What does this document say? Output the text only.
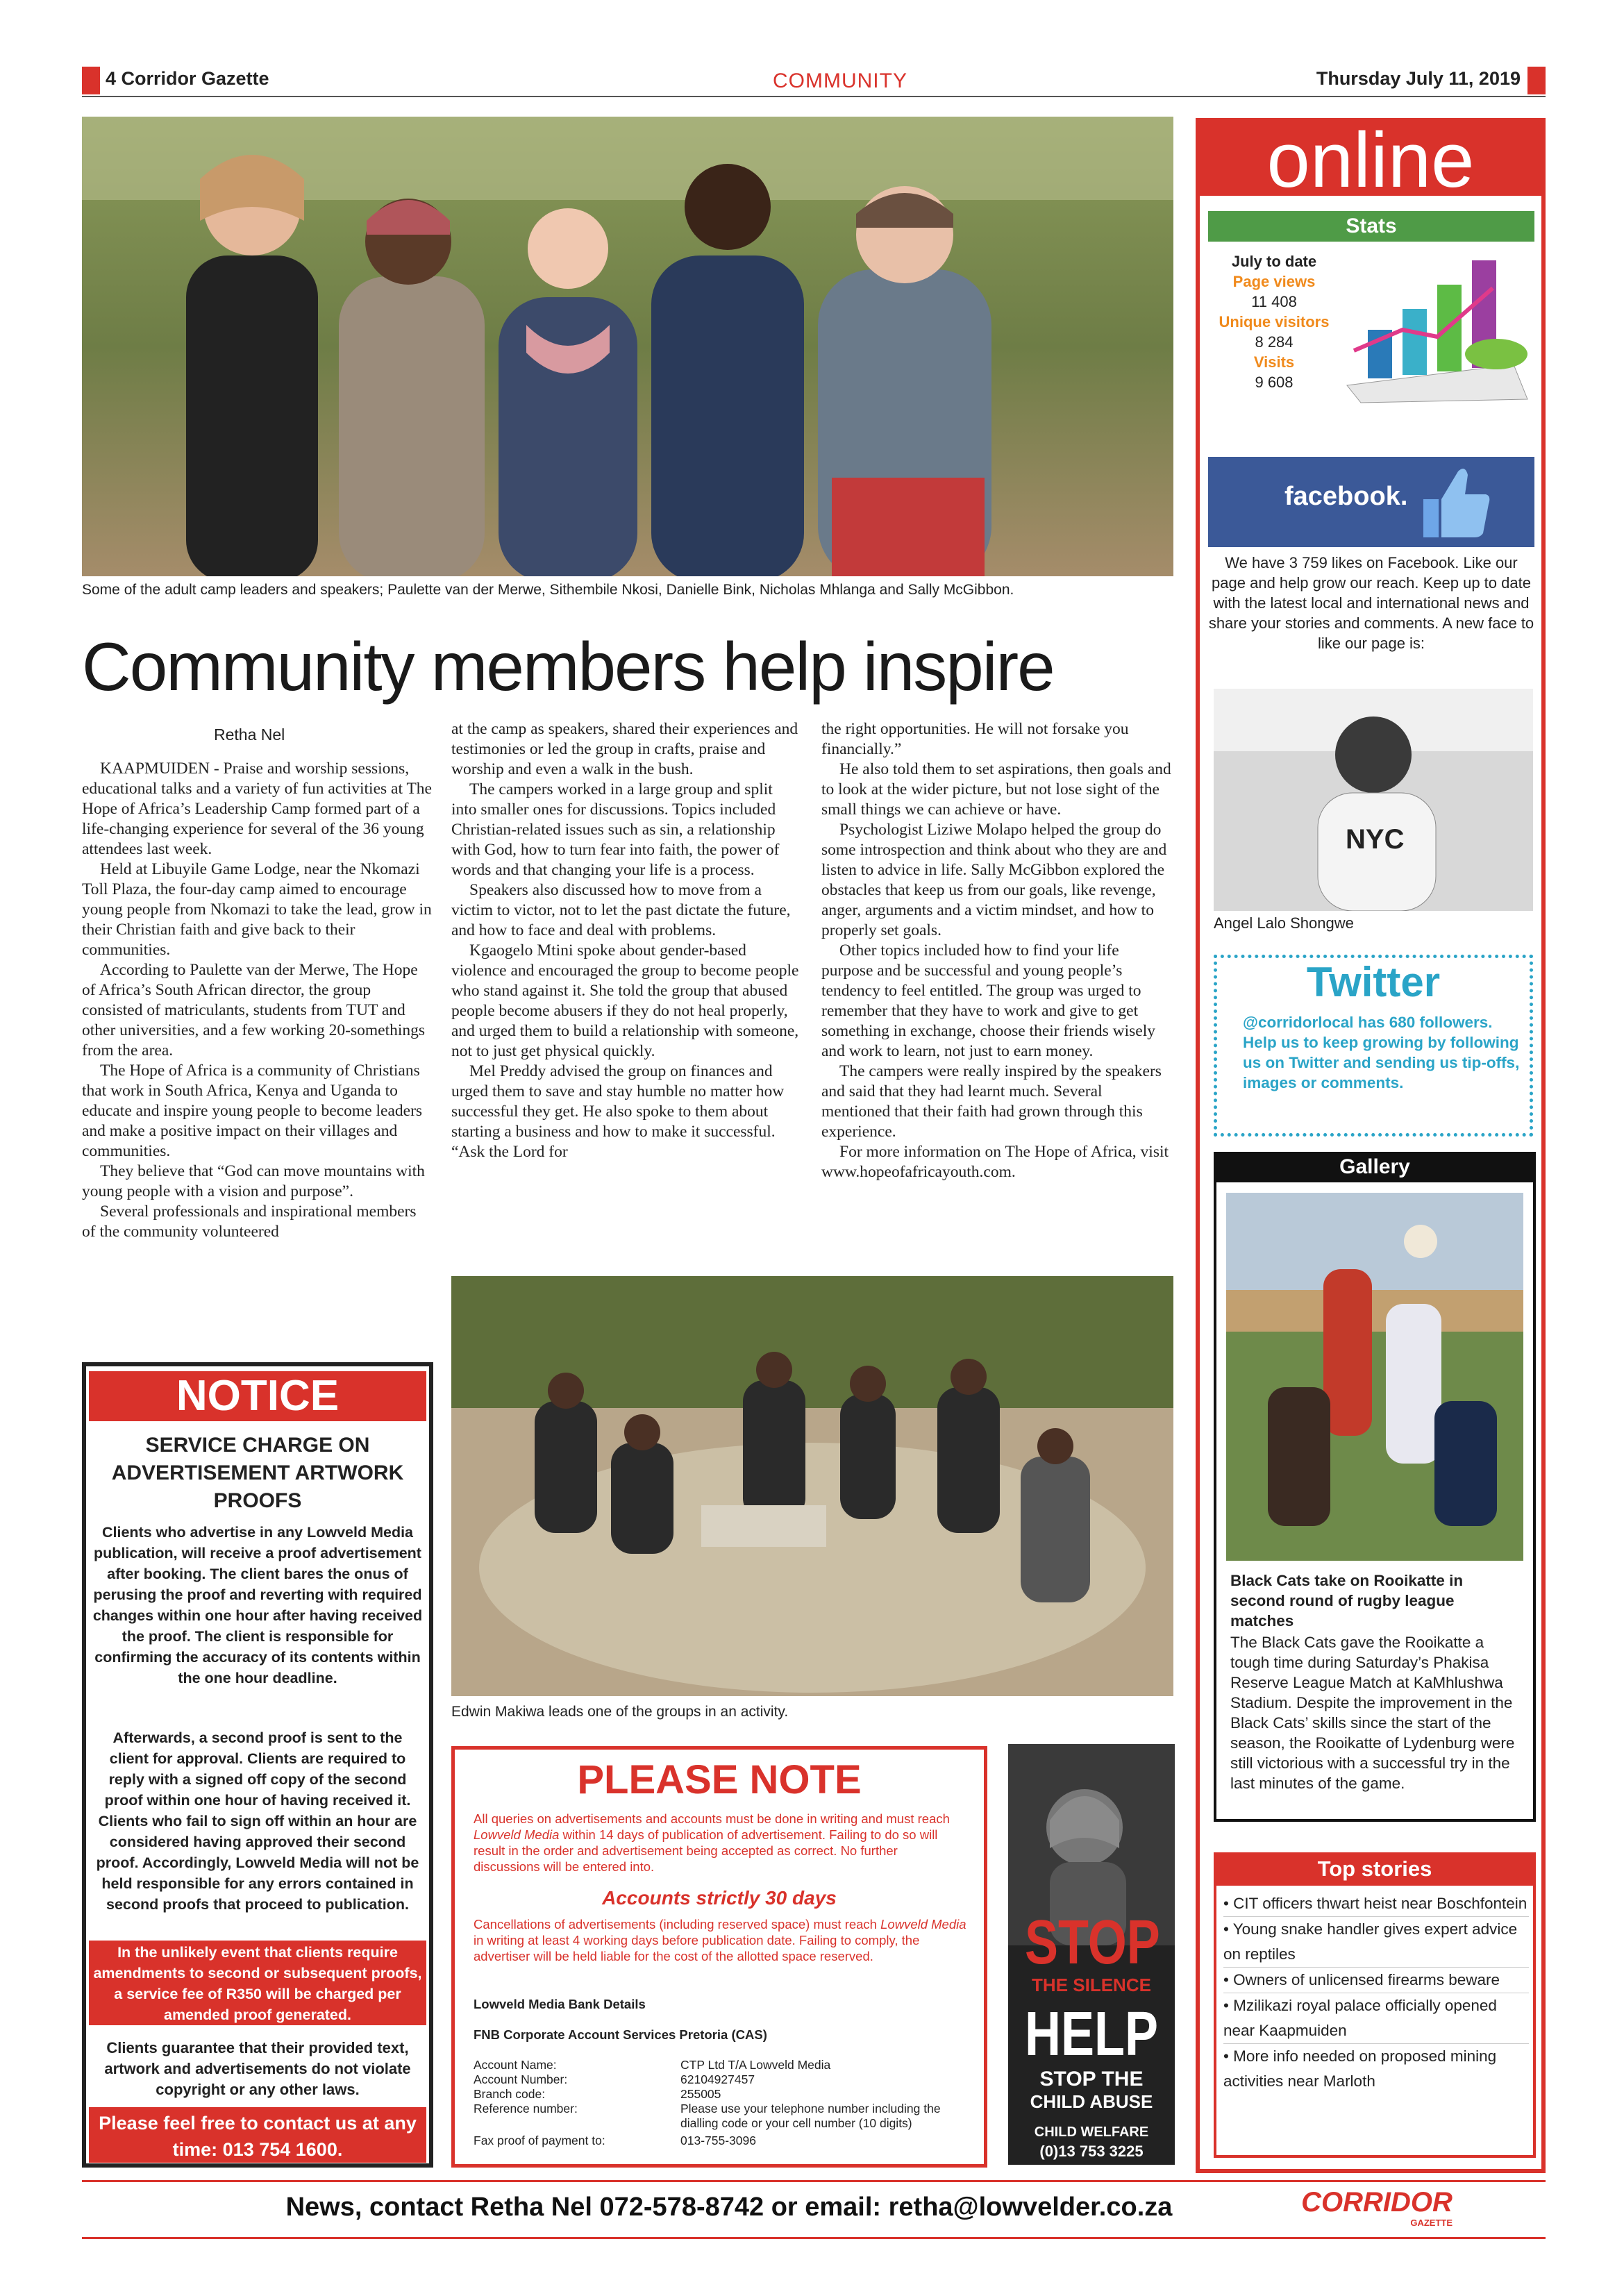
4 Corridor Gazette	COMMUNITY	Thursday July 11, 2019
Some of the adult camp leaders and speakers; Paulette van der Merwe, Sithembile Nkosi, Danielle Bink, Nicholas Mhlanga and Sally McGibbon.
Community members help inspire
Retha Nel

KAAPMUIDEN - Praise and worship sessions, educational talks and a variety of fun activities at The Hope of Africa’s Leadership Camp formed part of a life-changing experience for several of the 36 young attendees last week.

Held at Libuyile Game Lodge, near the Nkomazi Toll Plaza, the four-day camp aimed to encourage young people from Nkomazi to take the lead, grow in their Christian faith and give back to their communities.

According to Paulette van der Merwe, The Hope of Africa’s South African director, the group consisted of matriculants, students from TUT and other universities, and a few working 20-somethings from the area.

The Hope of Africa is a community of Christians that work in South Africa, Kenya and Uganda to educate and inspire young people to become leaders and make a positive impact on their villages and communities.

They believe that “God can move mountains with young people with a vision and purpose”.

Several professionals and inspirational members of the community volunteered

at the camp as speakers, shared their experiences and testimonies or led the group in crafts, praise and worship and even a walk in the bush.

The campers worked in a large group and split into smaller ones for discussions. Topics included Christian-related issues such as sin, a relationship with God, how to turn fear into faith, the power of words and that changing your life is a process.

Speakers also discussed how to move from a victim to victor, not to let the past dictate the future, and how to face and deal with problems.

Kgaogelo Mtini spoke about gender-based violence and encouraged the group to become people who stand against it. She told the group that abused people become abusers if they do not heal properly, and urged them to build a relationship with someone, not to just get physical quickly.

Mel Preddy advised the group on finances and urged them to save and stay humble no matter how successful they get. He also spoke to them about starting a business and how to make it successful. “Ask the Lord for

the right opportunities. He will not forsake you financially.”

He also told them to set aspirations, then goals and to look at the wider picture, but not lose sight of the small things we can achieve or have.

Psychologist Liziwe Molapo helped the group do some introspection and think about who they are and listen to advice in life. Sally McGibbon explored the obstacles that keep us from our goals, like revenge, anger, arguments and a victim mindset, and how to properly set goals.

Other topics included how to find your life purpose and be successful and young people’s tendency to feel entitled. The group was urged to remember that they have to work and give to get something in exchange, choose their friends wisely and work to learn, not just to earn money.

The campers were really inspired by the speakers and said that they had learnt much. Several mentioned that their faith had grown through this experience.

For more information on The Hope of Africa, visit www.hopeofafricayouth.com.

Edwin Makiwa leads one of the groups in an activity.
NOTICE
SERVICE CHARGE ON ADVERTISEMENT ARTWORK PROOFS
Clients who advertise in any Lowveld Media publication, will receive a proof advertisement after booking. The client bares the onus of perusing the proof and reverting with required changes within one hour after having received the proof. The client is responsible for confirming the accuracy of its contents within the one hour deadline.
Afterwards, a second proof is sent to the client for approval. Clients are required to reply with a signed off copy of the second proof within one hour of having received it. Clients who fail to sign off within an hour are considered having approved their second proof. Accordingly, Lowveld Media will not be held responsible for any errors contained in second proofs that proceed to publication.
In the unlikely event that clients require amendments to second or subsequent proofs, a service fee of R350 will be charged per amended proof generated.
Clients guarantee that their provided text, artwork and advertisements do not violate copyright or any other laws.
Please feel free to contact us at any time: 013 754 1600.
PLEASE NOTE
All queries on advertisements and accounts must be done in writing and must reach Lowveld Media within 14 days of publication of advertisement. Failing to do so will result in the order and advertisement being accepted as correct. No further discussions will be entered into.
Accounts strictly 30 days
Cancellations of advertisements (including reserved space) must reach Lowveld Media in writing at least 4 working days before publication date. Failing to comply, the advertiser will be held liable for the cost of the allotted space reserved.
Lowveld Media Bank Details
FNB Corporate Account Services Pretoria (CAS)
Account Name:	CTP Ltd T/A Lowveld Media
Account Number:	62104927457
Branch code:	255005
Reference number:	Please use your telephone number including the dialling code or your cell number (10 digits)
Fax proof of payment to:	013-755-3096
STOP
THE SILENCE
HELP
STOP THE
CHILD ABUSE
CHILD WELFARE
(0)13 753 3225
online
Stats
July to date
Page views
11 408
Unique visitors
8 284
Visits
9 608
facebook.
We have 3 759 likes on Facebook. Like our page and help grow our reach. Keep up to date with the latest local and international news and share your stories and comments. A new face to like our page is:
NYC
Angel Lalo Shongwe
Twitter
@corridorlocal has 680 followers. Help us to keep growing by following us on Twitter and sending us tip-offs, images or comments.
Gallery
Black Cats take on Rooikatte in second round of rugby league matches
The Black Cats gave the Rooikatte a tough time during Saturday’s Phakisa Reserve League Match at KaMhlushwa Stadium. Despite the improvement in the Black Cats’ skills since the start of the season, the Rooikatte of Lydenburg were still victorious with a successful try in the last minutes of the game.
Top stories
• CIT officers thwart heist near Boschfontein
• Young snake handler gives expert advice on reptiles
• Owners of unlicensed firearms beware
• Mzilikazi royal palace officially opened near Kaapmuiden
• More info needed on proposed mining activities near Marloth
News, contact Retha Nel 072-578-8742 or email: retha@lowvelder.co.za	CORRIDOR
GAZETTE
